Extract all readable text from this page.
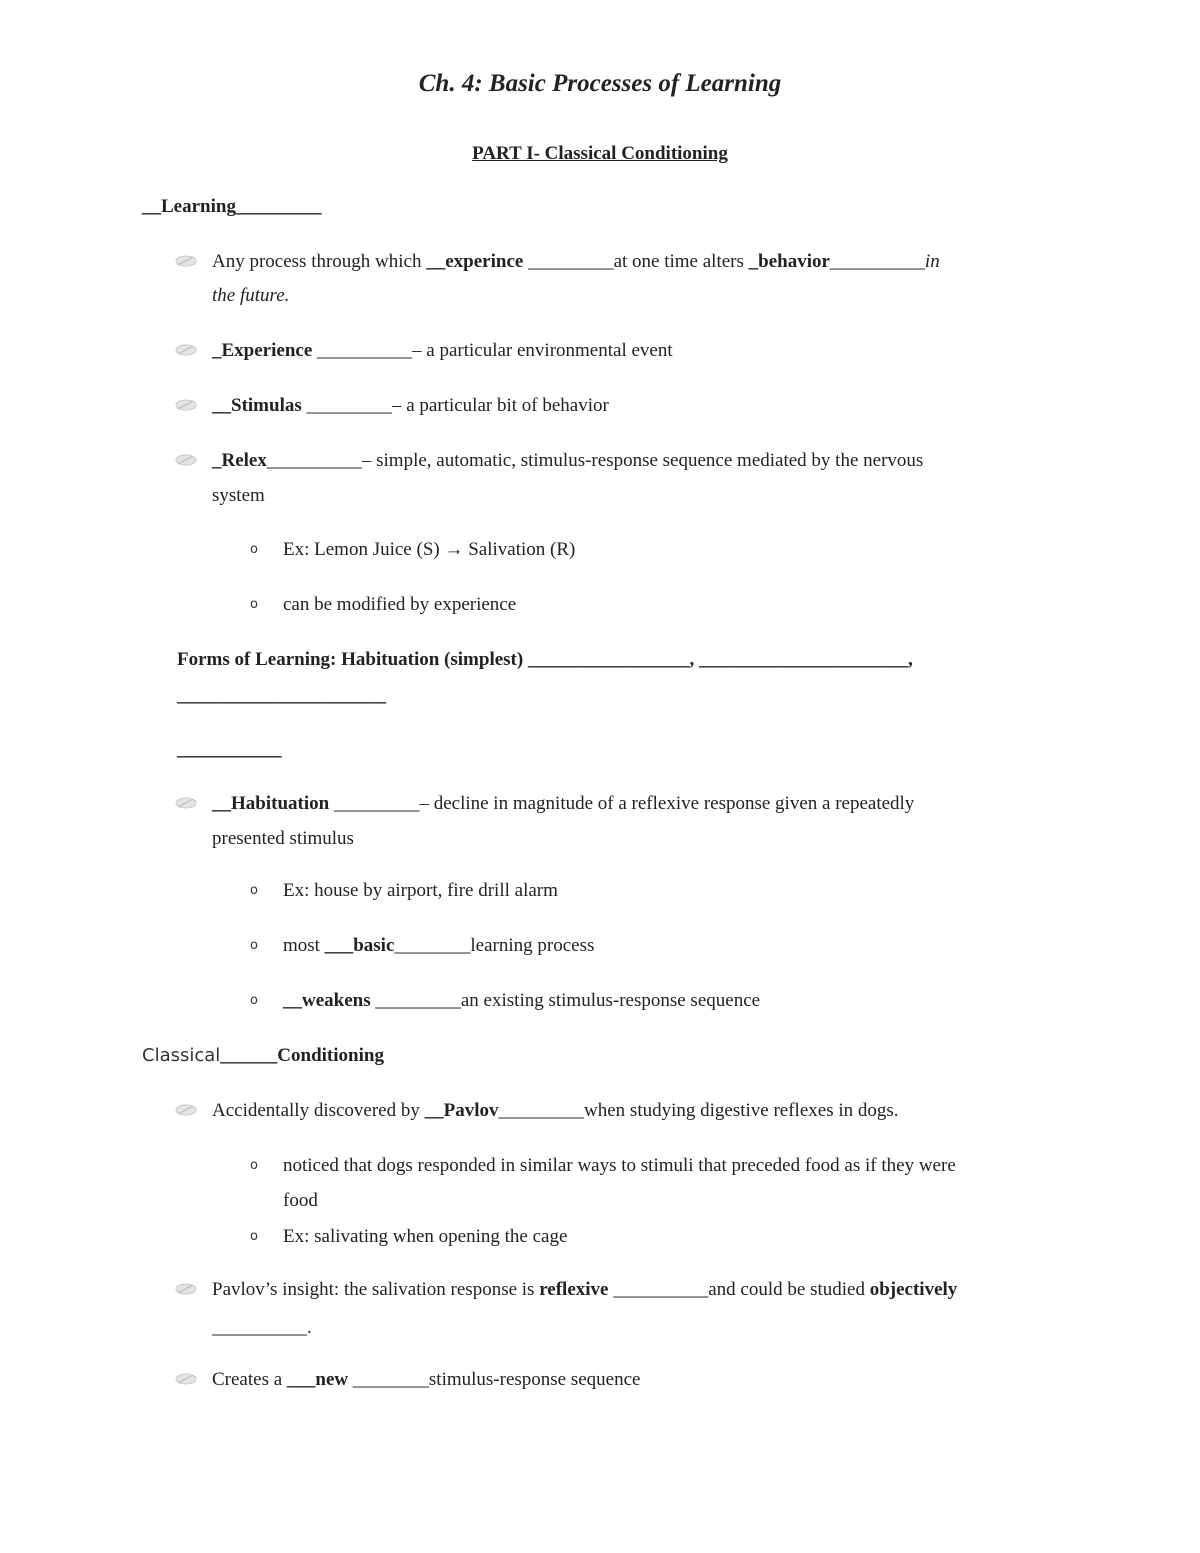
Ch. 4: Basic Processes of Learning
PART I- Classical Conditioning
__Learning_________
Any process through which __experince _________at one time alters _behavior__________in
the future.
_Experience __________– a particular environmental event
__Stimulas _________– a particular bit of behavior
_Relex__________– simple, automatic, stimulus-response sequence mediated by the nervous
system
o Ex: Lemon Juice (S) → Salivation (R)
o can be modified by experience
Forms of Learning: Habituation (simplest) _________________, ______________________,
______________________
___________
__Habituation _________– decline in magnitude of a reflexive response given a repeatedly
presented stimulus
o Ex: house by airport, fire drill alarm
o most ___basic________learning process
o __weakens _________an existing stimulus-response sequence
Classical______Conditioning
Accidentally discovered by __Pavlov_________when studying digestive reflexes in dogs.
o noticed that dogs responded in similar ways to stimuli that preceded food as if they were
food
o Ex: salivating when opening the cage
Pavlov’s insight: the salivation response is reflexive __________and could be studied objectively
__________.
Creates a ___new ________stimulus-response sequence
